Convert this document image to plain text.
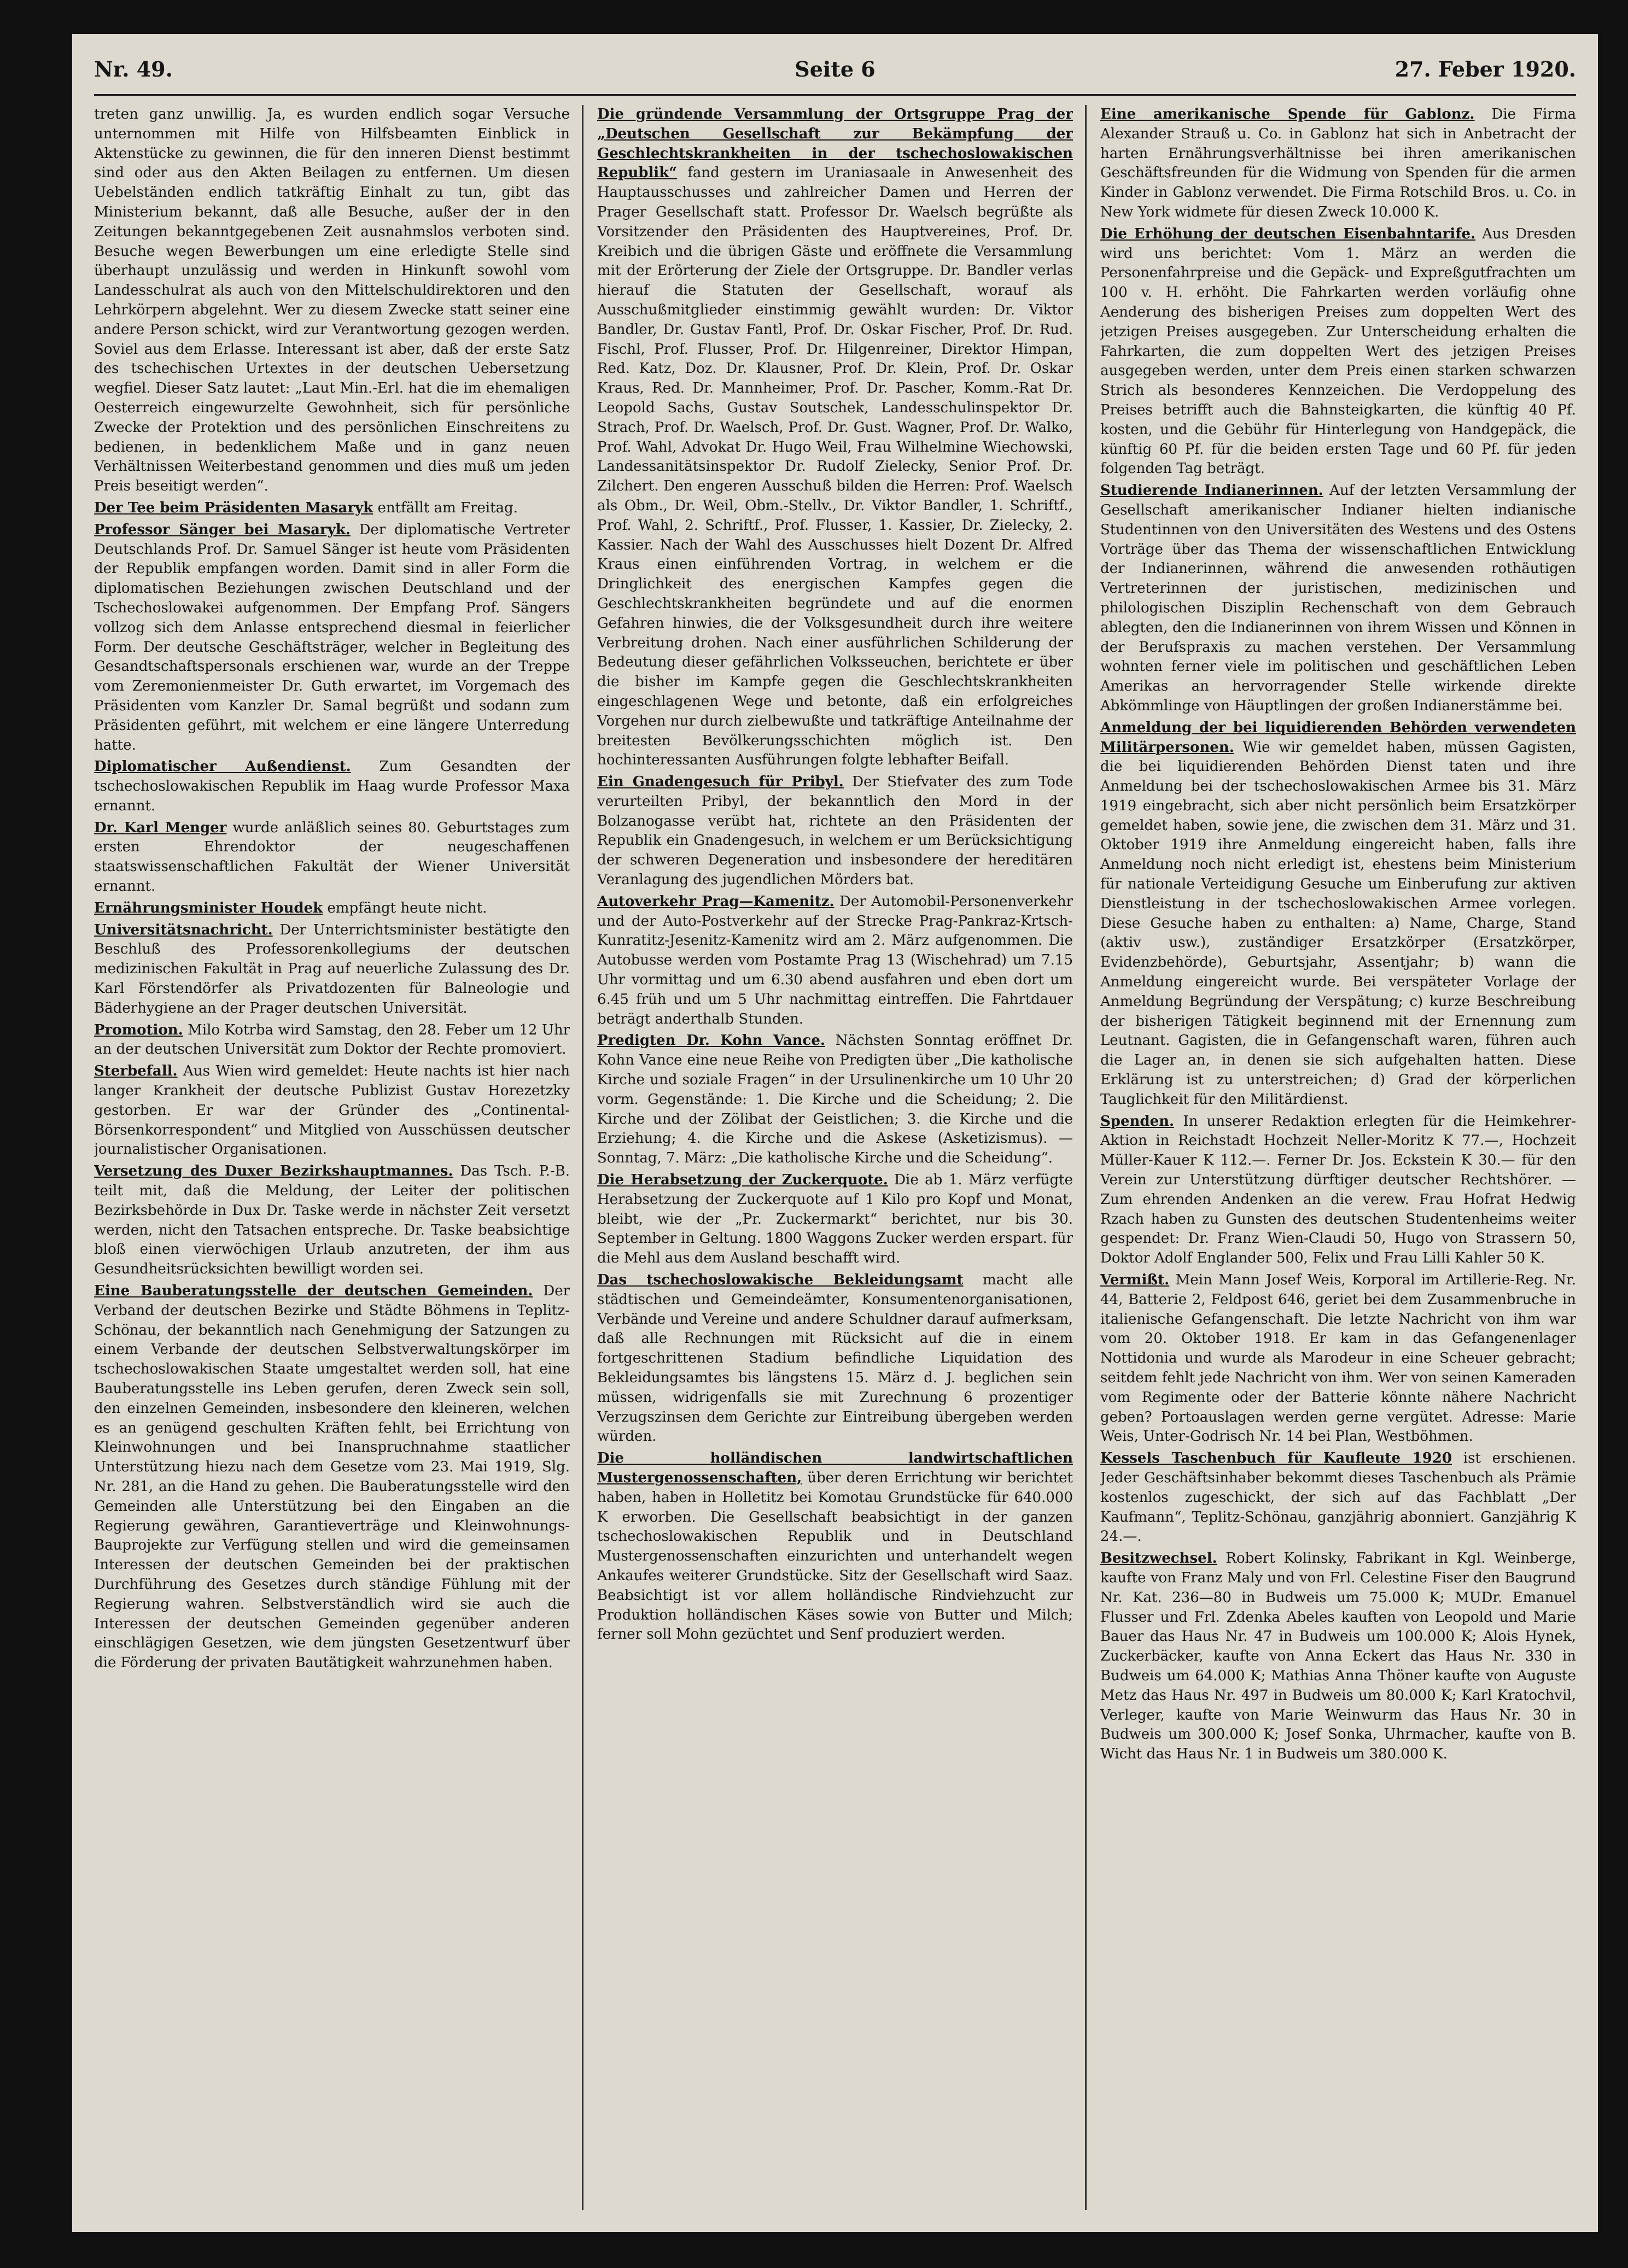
Nr. 49.	Seite 6	27. Feber 1920.

treten ganz unwillig. Ja, es wurden endlich sogar Versuche unternommen mit Hilfe von Hilfsbeamten Einblick in Aktenstücke zu gewinnen, die für den inneren Dienst bestimmt sind oder aus den Akten Beilagen zu entfernen. Um diesen Uebelständen endlich tatkräftig Einhalt zu tun, gibt das Ministerium bekannt, daß alle Besuche, außer der in den Zeitungen bekanntgegebenen Zeit ausnahmslos verboten sind. Besuche wegen Bewerbungen um eine erledigte Stelle sind überhaupt unzulässig und werden in Hinkunft sowohl vom Landesschulrat als auch von den Mittelschuldirektoren und den Lehrkörpern abgelehnt. Wer zu diesem Zwecke statt seiner eine andere Person schickt, wird zur Verantwortung gezogen werden. Soviel aus dem Erlasse. Interessant ist aber, daß der erste Satz des tschechischen Urtextes in der deutschen Uebersetzung wegfiel. Dieser Satz lautet: „Laut Min.-Erl. hat die im ehemaligen Oesterreich eingewurzelte Gewohnheit, sich für persönliche Zwecke der Protektion und des persönlichen Einschreitens zu bedienen, in bedenklichem Maße und in ganz neuen Verhältnissen Weiterbestand genommen und dies muß um jeden Preis beseitigt werden“.

Der Tee beim Präsidenten Masaryk entfällt am Freitag.

Professor Sänger bei Masaryk. Der diplomatische Vertreter Deutschlands Prof. Dr. Samuel Sänger ist heute vom Präsidenten der Republik empfangen worden. Damit sind in aller Form die diplomatischen Beziehungen zwischen Deutschland und der Tschechoslowakei aufgenommen. Der Empfang Prof. Sängers vollzog sich dem Anlasse entsprechend diesmal in feierlicher Form. Der deutsche Geschäftsträger, welcher in Begleitung des Gesandtschaftspersonals erschienen war, wurde an der Treppe vom Zeremonienmeister Dr. Guth erwartet, im Vorgemach des Präsidenten vom Kanzler Dr. Samal begrüßt und sodann zum Präsidenten geführt, mit welchem er eine längere Unterredung hatte.

Diplomatischer Außendienst. Zum Gesandten der tschechoslowakischen Republik im Haag wurde Professor Maxa ernannt.

Dr. Karl Menger wurde anläßlich seines 80. Geburtstages zum ersten Ehrendoktor der neugeschaffenen staatswissenschaftlichen Fakultät der Wiener Universität ernannt.

Ernährungsminister Houdek empfängt heute nicht.

Universitätsnachricht. Der Unterrichtsminister bestätigte den Beschluß des Professorenkollegiums der deutschen medizinischen Fakultät in Prag auf neuerliche Zulassung des Dr. Karl Förstendörfer als Privatdozenten für Balneologie und Bäderhygiene an der Prager deutschen Universität.

Promotion. Milo Kotrba wird Samstag, den 28. Feber um 12 Uhr an der deutschen Universität zum Doktor der Rechte promoviert.

Sterbefall. Aus Wien wird gemeldet: Heute nachts ist hier nach langer Krankheit der deutsche Publizist Gustav Horezetzky gestorben. Er war der Gründer des „Continental-Börsenkorrespondent“ und Mitglied von Ausschüssen deutscher journalistischer Organisationen.

Versetzung des Duxer Bezirkshauptmannes. Das Tsch. P.-B. teilt mit, daß die Meldung, der Leiter der politischen Bezirksbehörde in Dux Dr. Taske werde in nächster Zeit versetzt werden, nicht den Tatsachen entspreche. Dr. Taske beabsichtige bloß einen vierwöchigen Urlaub anzutreten, der ihm aus Gesundheitsrücksichten bewilligt worden sei.

Eine Bauberatungsstelle der deutschen Gemeinden. Der Verband der deutschen Bezirke und Städte Böhmens in Teplitz-Schönau, der bekanntlich nach Genehmigung der Satzungen zu einem Verbande der deutschen Selbstverwaltungskörper im tschechoslowakischen Staate umgestaltet werden soll, hat eine Bauberatungsstelle ins Leben gerufen, deren Zweck sein soll, den einzelnen Gemeinden, insbesondere den kleineren, welchen es an genügend geschulten Kräften fehlt, bei Errichtung von Kleinwohnungen und bei Inanspruchnahme staatlicher Unterstützung hiezu nach dem Gesetze vom 23. Mai 1919, Slg. Nr. 281, an die Hand zu gehen. Die Bauberatungsstelle wird den Gemeinden alle Unterstützung bei den Eingaben an die Regierung gewähren, Garantieverträge und Kleinwohnungs-Bauprojekte zur Verfügung stellen und wird die gemeinsamen Interessen der deutschen Gemeinden bei der praktischen Durchführung des Gesetzes durch ständige Fühlung mit der Regierung wahren. Selbstverständlich wird sie auch die Interessen der deutschen Gemeinden gegenüber anderen einschlägigen Gesetzen, wie dem jüngsten Gesetzentwurf über die Förderung der privaten Bautätigkeit wahrzunehmen haben.

Die gründende Versammlung der Ortsgruppe Prag der „Deutschen Gesellschaft zur Bekämpfung der Geschlechtskrankheiten in der tschechoslowakischen Republik“ fand gestern im Uraniasaale in Anwesenheit des Hauptausschusses und zahlreicher Damen und Herren der Prager Gesellschaft statt. Professor Dr. Waelsch begrüßte als Vorsitzender den Präsidenten des Hauptvereines, Prof. Dr. Kreibich und die übrigen Gäste und eröffnete die Versammlung mit der Erörterung der Ziele der Ortsgruppe. Dr. Bandler verlas hierauf die Statuten der Gesellschaft, worauf als Ausschußmitglieder einstimmig gewählt wurden: Dr. Viktor Bandler, Dr. Gustav Fantl, Prof. Dr. Oskar Fischer, Prof. Dr. Rud. Fischl, Prof. Flusser, Prof. Dr. Hilgenreiner, Direktor Himpan, Red. Katz, Doz. Dr. Klausner, Prof. Dr. Klein, Prof. Dr. Oskar Kraus, Red. Dr. Mannheimer, Prof. Dr. Pascher, Komm.-Rat Dr. Leopold Sachs, Gustav Soutschek, Landesschulinspektor Dr. Strach, Prof. Dr. Waelsch, Prof. Dr. Gust. Wagner, Prof. Dr. Walko, Prof. Wahl, Advokat Dr. Hugo Weil, Frau Wilhelmine Wiechowski, Landessanitätsinspektor Dr. Rudolf Zielecky, Senior Prof. Dr. Zilchert. Den engeren Ausschuß bilden die Herren: Prof. Waelsch als Obm., Dr. Weil, Obm.-Stellv., Dr. Viktor Bandler, 1. Schriftf., Prof. Wahl, 2. Schriftf., Prof. Flusser, 1. Kassier, Dr. Zielecky, 2. Kassier. Nach der Wahl des Ausschusses hielt Dozent Dr. Alfred Kraus einen einführenden Vortrag, in welchem er die Dringlichkeit des energischen Kampfes gegen die Geschlechtskrankheiten begründete und auf die enormen Gefahren hinwies, die der Volksgesundheit durch ihre weitere Verbreitung drohen. Nach einer ausführlichen Schilderung der Bedeutung dieser gefährlichen Volksseuchen, berichtete er über die bisher im Kampfe gegen die Geschlechtskrankheiten eingeschlagenen Wege und betonte, daß ein erfolgreiches Vorgehen nur durch zielbewußte und tatkräftige Anteilnahme der breitesten Bevölkerungsschichten möglich ist. Den hochinteressanten Ausführungen folgte lebhafter Beifall.

Ein Gnadengesuch für Pribyl. Der Stiefvater des zum Tode verurteilten Pribyl, der bekanntlich den Mord in der Bolzanogasse verübt hat, richtete an den Präsidenten der Republik ein Gnadengesuch, in welchem er um Berücksichtigung der schweren Degeneration und insbesondere der hereditären Veranlagung des jugendlichen Mörders bat.

Autoverkehr Prag—Kamenitz. Der Automobil-Personenverkehr und der Auto-Postverkehr auf der Strecke Prag-Pankraz-Krtsch-Kunratitz-Jesenitz-Kamenitz wird am 2. März aufgenommen. Die Autobusse werden vom Postamte Prag 13 (Wischehrad) um 7.15 Uhr vormittag und um 6.30 abend ausfahren und eben dort um 6.45 früh und um 5 Uhr nachmittag eintreffen. Die Fahrtdauer beträgt anderthalb Stunden.

Predigten Dr. Kohn Vance. Nächsten Sonntag eröffnet Dr. Kohn Vance eine neue Reihe von Predigten über „Die katholische Kirche und soziale Fragen“ in der Ursulinenkirche um 10 Uhr 20 vorm. Gegenstände: 1. Die Kirche und die Scheidung; 2. Die Kirche und der Zölibat der Geistlichen; 3. die Kirche und die Erziehung; 4. die Kirche und die Askese (Asketizismus). — Sonntag, 7. März: „Die katholische Kirche und die Scheidung“.

Die Herabsetzung der Zuckerquote. Die ab 1. März verfügte Herabsetzung der Zuckerquote auf 1 Kilo pro Kopf und Monat, bleibt, wie der „Pr. Zuckermarkt“ berichtet, nur bis 30. September in Geltung. 1800 Waggons Zucker werden erspart. für die Mehl aus dem Ausland beschafft wird.

Das tschechoslowakische Bekleidungsamt macht alle städtischen und Gemeindeämter, Konsumentenorganisationen, Verbände und Vereine und andere Schuldner darauf aufmerksam, daß alle Rechnungen mit Rücksicht auf die in einem fortgeschrittenen Stadium befindliche Liquidation des Bekleidungsamtes bis längstens 15. März d. J. beglichen sein müssen, widrigenfalls sie mit Zurechnung 6 prozentiger Verzugszinsen dem Gerichte zur Eintreibung übergeben werden würden.

Die holländischen landwirtschaftlichen Mustergenossenschaften, über deren Errichtung wir berichtet haben, haben in Holletitz bei Komotau Grundstücke für 640.000 K erworben. Die Gesellschaft beabsichtigt in der ganzen tschechoslowakischen Republik und in Deutschland Mustergenossenschaften einzurichten und unterhandelt wegen Ankaufes weiterer Grundstücke. Sitz der Gesellschaft wird Saaz. Beabsichtigt ist vor allem holländische Rindviehzucht zur Produktion holländischen Käses sowie von Butter und Milch; ferner soll Mohn gezüchtet und Senf produziert werden.

Eine amerikanische Spende für Gablonz. Die Firma Alexander Strauß u. Co. in Gablonz hat sich in Anbetracht der harten Ernährungsverhältnisse bei ihren amerikanischen Geschäftsfreunden für die Widmung von Spenden für die armen Kinder in Gablonz verwendet. Die Firma Rotschild Bros. u. Co. in New York widmete für diesen Zweck 10.000 K.

Die Erhöhung der deutschen Eisenbahntarife. Aus Dresden wird uns berichtet: Vom 1. März an werden die Personenfahrpreise und die Gepäck- und Expreßgutfrachten um 100 v. H. erhöht. Die Fahrkarten werden vorläufig ohne Aenderung des bisherigen Preises zum doppelten Wert des jetzigen Preises ausgegeben. Zur Unterscheidung erhalten die Fahrkarten, die zum doppelten Wert des jetzigen Preises ausgegeben werden, unter dem Preis einen starken schwarzen Strich als besonderes Kennzeichen. Die Verdoppelung des Preises betrifft auch die Bahnsteigkarten, die künftig 40 Pf. kosten, und die Gebühr für Hinterlegung von Handgepäck, die künftig 60 Pf. für die beiden ersten Tage und 60 Pf. für jeden folgenden Tag beträgt.

Studierende Indianerinnen. Auf der letzten Versammlung der Gesellschaft amerikanischer Indianer hielten indianische Studentinnen von den Universitäten des Westens und des Ostens Vorträge über das Thema der wissenschaftlichen Entwicklung der Indianerinnen, während die anwesenden rothäutigen Vertreterinnen der juristischen, medizinischen und philologischen Disziplin Rechenschaft von dem Gebrauch ablegten, den die Indianerinnen von ihrem Wissen und Können in der Berufspraxis zu machen verstehen. Der Versammlung wohnten ferner viele im politischen und geschäftlichen Leben Amerikas an hervorragender Stelle wirkende direkte Abkömmlinge von Häuptlingen der großen Indianerstämme bei.

Anmeldung der bei liquidierenden Behörden verwendeten Militärpersonen. Wie wir gemeldet haben, müssen Gagisten, die bei liquidierenden Behörden Dienst taten und ihre Anmeldung bei der tschechoslowakischen Armee bis 31. März 1919 eingebracht, sich aber nicht persönlich beim Ersatzkörper gemeldet haben, sowie jene, die zwischen dem 31. März und 31. Oktober 1919 ihre Anmeldung eingereicht haben, falls ihre Anmeldung noch nicht erledigt ist, ehestens beim Ministerium für nationale Verteidigung Gesuche um Einberufung zur aktiven Dienstleistung in der tschechoslowakischen Armee vorlegen. Diese Gesuche haben zu enthalten: a) Name, Charge, Stand (aktiv usw.), zuständiger Ersatzkörper (Ersatzkörper, Evidenzbehörde), Geburtsjahr, Assentjahr; b) wann die Anmeldung eingereicht wurde. Bei verspäteter Vorlage der Anmeldung Begründung der Verspätung; c) kurze Beschreibung der bisherigen Tätigkeit beginnend mit der Ernennung zum Leutnant. Gagisten, die in Gefangenschaft waren, führen auch die Lager an, in denen sie sich aufgehalten hatten. Diese Erklärung ist zu unterstreichen; d) Grad der körperlichen Tauglichkeit für den Militärdienst.

Spenden. In unserer Redaktion erlegten für die Heimkehrer-Aktion in Reichstadt Hochzeit Neller-Moritz K 77.—, Hochzeit Müller-Kauer K 112.—. Ferner Dr. Jos. Eckstein K 30.— für den Verein zur Unterstützung dürftiger deutscher Rechtshörer. — Zum ehrenden Andenken an die verew. Frau Hofrat Hedwig Rzach haben zu Gunsten des deutschen Studentenheims weiter gespendet: Dr. Franz Wien-Claudi 50, Hugo von Strassern 50, Doktor Adolf Englander 500, Felix und Frau Lilli Kahler 50 K.

Vermißt. Mein Mann Josef Weis, Korporal im Artillerie-Reg. Nr. 44, Batterie 2, Feldpost 646, geriet bei dem Zusammenbruche in italienische Gefangenschaft. Die letzte Nachricht von ihm war vom 20. Oktober 1918. Er kam in das Gefangenenlager Nottidonia und wurde als Marodeur in eine Scheuer gebracht; seitdem fehlt jede Nachricht von ihm. Wer von seinen Kameraden vom Regimente oder der Batterie könnte nähere Nachricht geben? Portoauslagen werden gerne vergütet. Adresse: Marie Weis, Unter-Godrisch Nr. 14 bei Plan, Westböhmen.

Kessels Taschenbuch für Kaufleute 1920 ist erschienen. Jeder Geschäftsinhaber bekommt dieses Taschenbuch als Prämie kostenlos zugeschickt, der sich auf das Fachblatt „Der Kaufmann“, Teplitz-Schönau, ganzjährig abonniert. Ganzjährig K 24.—.

Besitzwechsel. Robert Kolinsky, Fabrikant in Kgl. Weinberge, kaufte von Franz Maly und von Frl. Celestine Fiser den Baugrund Nr. Kat. 236—80 in Budweis um 75.000 K; MUDr. Emanuel Flusser und Frl. Zdenka Abeles kauften von Leopold und Marie Bauer das Haus Nr. 47 in Budweis um 100.000 K; Alois Hynek, Zuckerbäcker, kaufte von Anna Eckert das Haus Nr. 330 in Budweis um 64.000 K; Mathias Anna Thöner kaufte von Auguste Metz das Haus Nr. 497 in Budweis um 80.000 K; Karl Kratochvil, Verleger, kaufte von Marie Weinwurm das Haus Nr. 30 in Budweis um 300.000 K; Josef Sonka, Uhrmacher, kaufte von B. Wicht das Haus Nr. 1 in Budweis um 380.000 K.
